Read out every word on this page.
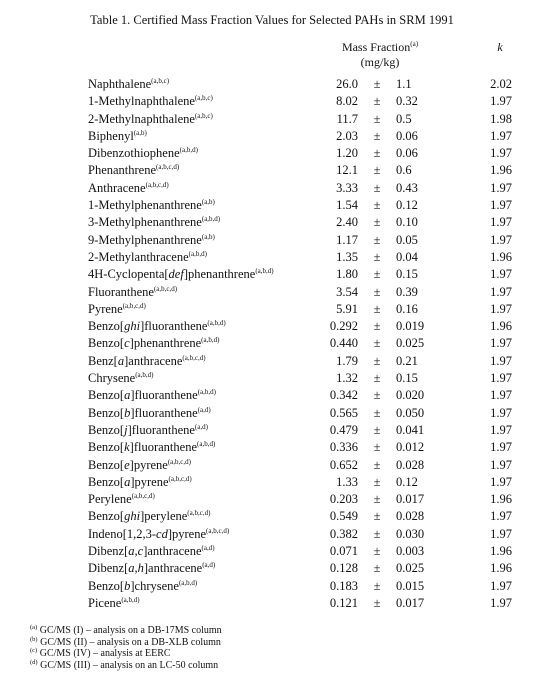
Table 1. Certified Mass Fraction Values for Selected PAHs in SRM 1991
Mass Fraction$^{(a)}$
(mg/kg)
k
Naphthalene$^{(a,b,c)}$	26.0 ± 1.1	2.02
1-Methylnaphthalene$^{(a,b,c)}$	8.02 ± 0.32	1.97
2-Methylnaphthalene$^{(a,b,c)}$	11.7 ± 0.5	1.98
Biphenyl$^{(a,b)}$	2.03 ± 0.06	1.97
Dibenzothiophene$^{(a,b,d)}$	1.20 ± 0.06	1.97
Phenanthrene$^{(a,b,c,d)}$	12.1 ± 0.6	1.96
Anthracene$^{(a,b,c,d)}$	3.33 ± 0.43	1.97
1-Methylphenanthrene$^{(a,b)}$	1.54 ± 0.12	1.97
3-Methylphenanthrene$^{(a,b,d)}$	2.40 ± 0.10	1.97
9-Methylphenanthrene$^{(a,b)}$	1.17 ± 0.05	1.97
2-Methylanthracene$^{(a,b,d)}$	1.35 ± 0.04	1.96
4H-Cyclopenta[def]phenanthrene$^{(a,b,d)}$	1.80 ± 0.15	1.97
Fluoranthene$^{(a,b,c,d)}$	3.54 ± 0.39	1.97
Pyrene$^{(a,b,c,d)}$	5.91 ± 0.16	1.97
Benzo[ghi]fluoranthene$^{(a,b,d)}$	0.292 ± 0.019	1.96
Benzo[c]phenanthrene$^{(a,b,d)}$	0.440 ± 0.025	1.97
Benz[a]anthracene$^{(a,b,c,d)}$	1.79 ± 0.21	1.97
Chrysene$^{(a,b,d)}$	1.32 ± 0.15	1.97
Benzo[a]fluoranthene$^{(a,b,d)}$	0.342 ± 0.020	1.97
Benzo[b]fluoranthene$^{(a,d)}$	0.565 ± 0.050	1.97
Benzo[j]fluoranthene$^{(a,d)}$	0.479 ± 0.041	1.97
Benzo[k]fluoranthene$^{(a,b,d)}$	0.336 ± 0.012	1.97
Benzo[e]pyrene$^{(a,b,c,d)}$	0.652 ± 0.028	1.97
Benzo[a]pyrene$^{(a,b,c,d)}$	1.33 ± 0.12	1.97
Perylene$^{(a,b,c,d)}$	0.203 ± 0.017	1.96
Benzo[ghi]perylene$^{(a,b,c,d)}$	0.549 ± 0.028	1.97
Indeno[1,2,3-cd]pyrene$^{(a,b,c,d)}$	0.382 ± 0.030	1.97
Dibenz[a,c]anthracene$^{(a,d)}$	0.071 ± 0.003	1.96
Dibenz[a,h]anthracene$^{(a,d)}$	0.128 ± 0.025	1.96
Benzo[b]chrysene$^{(a,b,d)}$	0.183 ± 0.015	1.97
Picene$^{(a,b,d)}$	0.121 ± 0.017	1.97
$^{(a)}$ GC/MS (I) – analysis on a DB-17MS column
$^{(b)}$ GC/MS (II) – analysis on a DB-XLB column
$^{(c)}$ GC/MS (IV) – analysis at EERC
$^{(d)}$ GC/MS (III) – analysis on an LC-50 column
